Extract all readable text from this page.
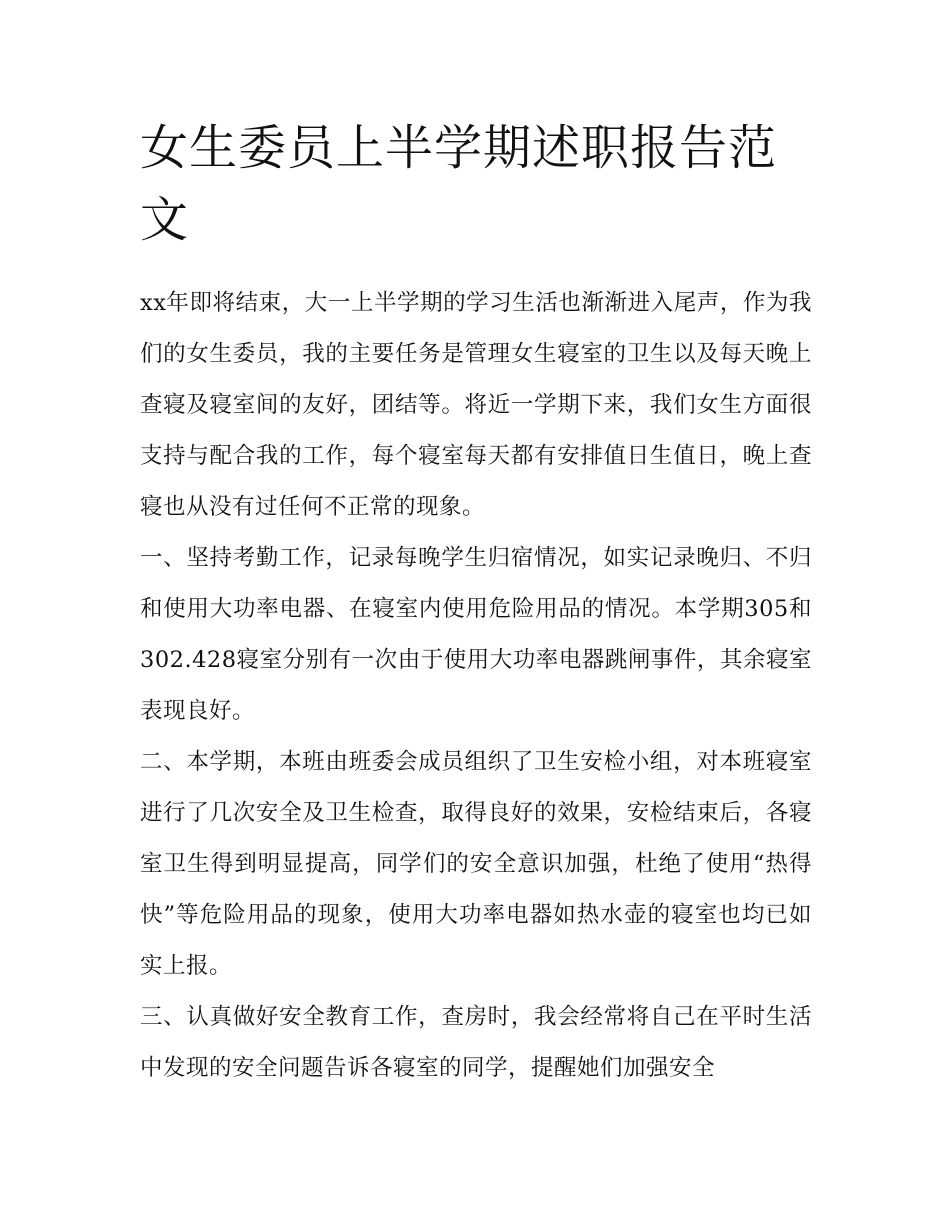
女生委员上半学期述职报告范文

xx年即将结束，大一上半学期的学习生活也渐渐进入尾声，作为我们的女生委员，我的主要任务是管理女生寝室的卫生以及每天晚上查寝及寝室间的友好，团结等。将近一学期下来，我们女生方面很支持与配合我的工作，每个寝室每天都有安排值日生值日，晚上查寝也从没有过任何不正常的现象。

一、坚持考勤工作，记录每晚学生归宿情况，如实记录晚归、不归和使用大功率电器、在寝室内使用危险用品的情况。本学期305和302.428寝室分别有一次由于使用大功率电器跳闸事件，其余寝室表现良好。

二、本学期，本班由班委会成员组织了卫生安检小组，对本班寝室进行了几次安全及卫生检查，取得良好的效果，安检结束后，各寝室卫生得到明显提高，同学们的安全意识加强，杜绝了使用“热得快”等危险用品的现象，使用大功率电器如热水壶的寝室也均已如实上报。

三、认真做好安全教育工作，查房时，我会经常将自己在平时生活中发现的安全问题告诉各寝室的同学，提醒她们加强安全
